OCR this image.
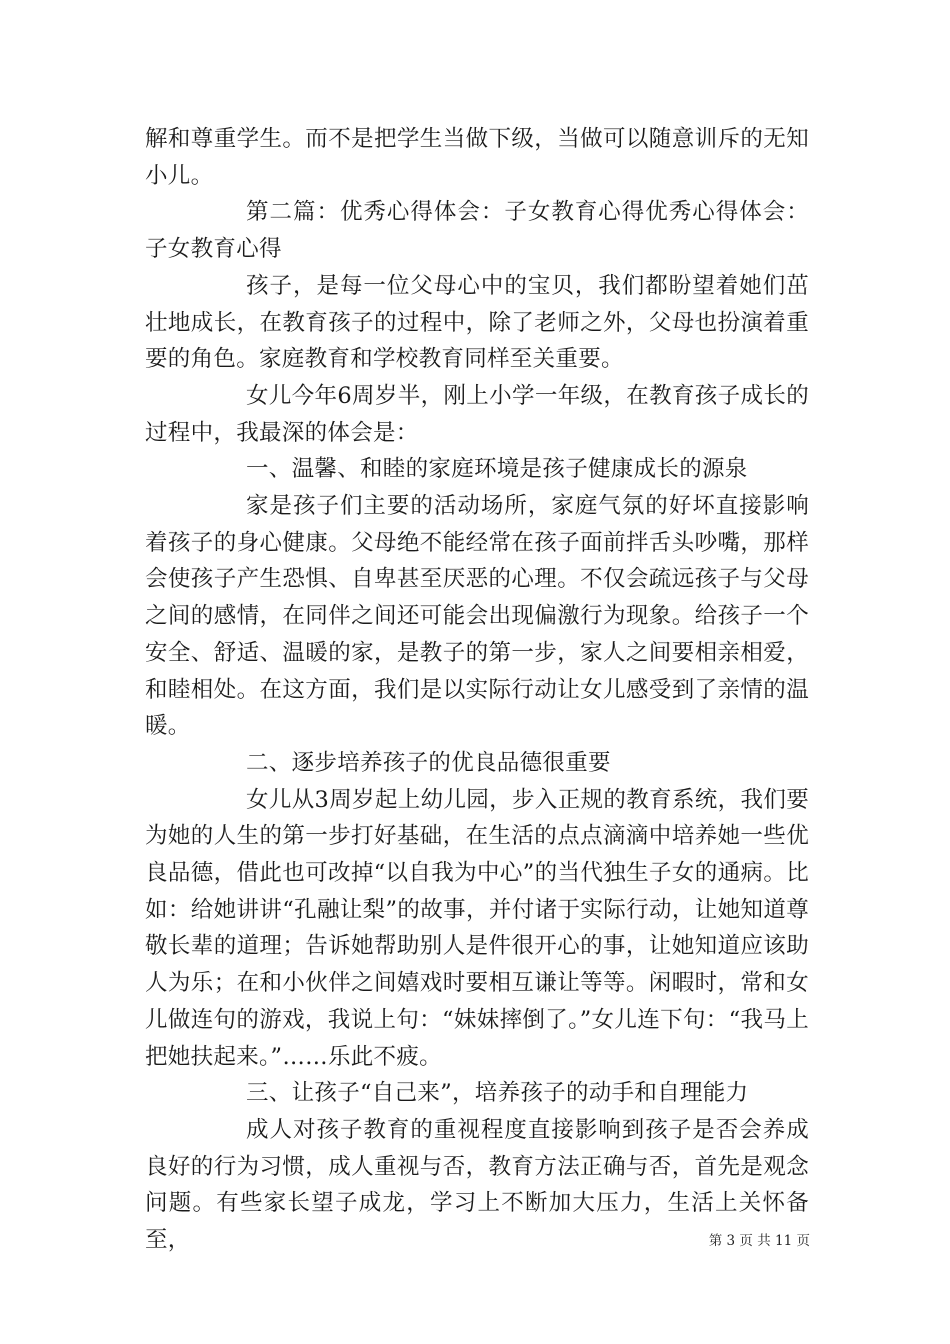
解和尊重学生。而不是把学生当做下级，当做可以随意训斥的无知小儿。

第二篇：优秀心得体会：子女教育心得优秀心得体会：子女教育心得

孩子，是每一位父母心中的宝贝，我们都盼望着她们茁壮地成长，在教育孩子的过程中，除了老师之外，父母也扮演着重要的角色。家庭教育和学校教育同样至关重要。

女儿今年6周岁半，刚上小学一年级，在教育孩子成长的过程中，我最深的体会是：

一、温馨、和睦的家庭环境是孩子健康成长的源泉

家是孩子们主要的活动场所，家庭气氛的好坏直接影响着孩子的身心健康。父母绝不能经常在孩子面前拌舌头吵嘴，那样会使孩子产生恐惧、自卑甚至厌恶的心理。不仅会疏远孩子与父母之间的感情，在同伴之间还可能会出现偏激行为现象。给孩子一个安全、舒适、温暖的家，是教子的第一步，家人之间要相亲相爱，和睦相处。在这方面，我们是以实际行动让女儿感受到了亲情的温暖。

二、逐步培养孩子的优良品德很重要

女儿从3周岁起上幼儿园，步入正规的教育系统，我们要为她的人生的第一步打好基础，在生活的点点滴滴中培养她一些优良品德，借此也可改掉“以自我为中心”的当代独生子女的通病。比如：给她讲讲“孔融让梨”的故事，并付诸于实际行动，让她知道尊敬长辈的道理；告诉她帮助别人是件很开心的事，让她知道应该助人为乐；在和小伙伴之间嬉戏时要相互谦让等等。闲暇时，常和女儿做连句的游戏，我说上句：“妹妹摔倒了。”女儿连下句：“我马上把她扶起来。”……乐此不疲。

三、让孩子“自己来”，培养孩子的动手和自理能力

成人对孩子教育的重视程度直接影响到孩子是否会养成良好的行为习惯，成人重视与否，教育方法正确与否，首先是观念问题。有些家长望子成龙，学习上不断加大压力，生活上关怀备至，	第 3 页 共 11 页
